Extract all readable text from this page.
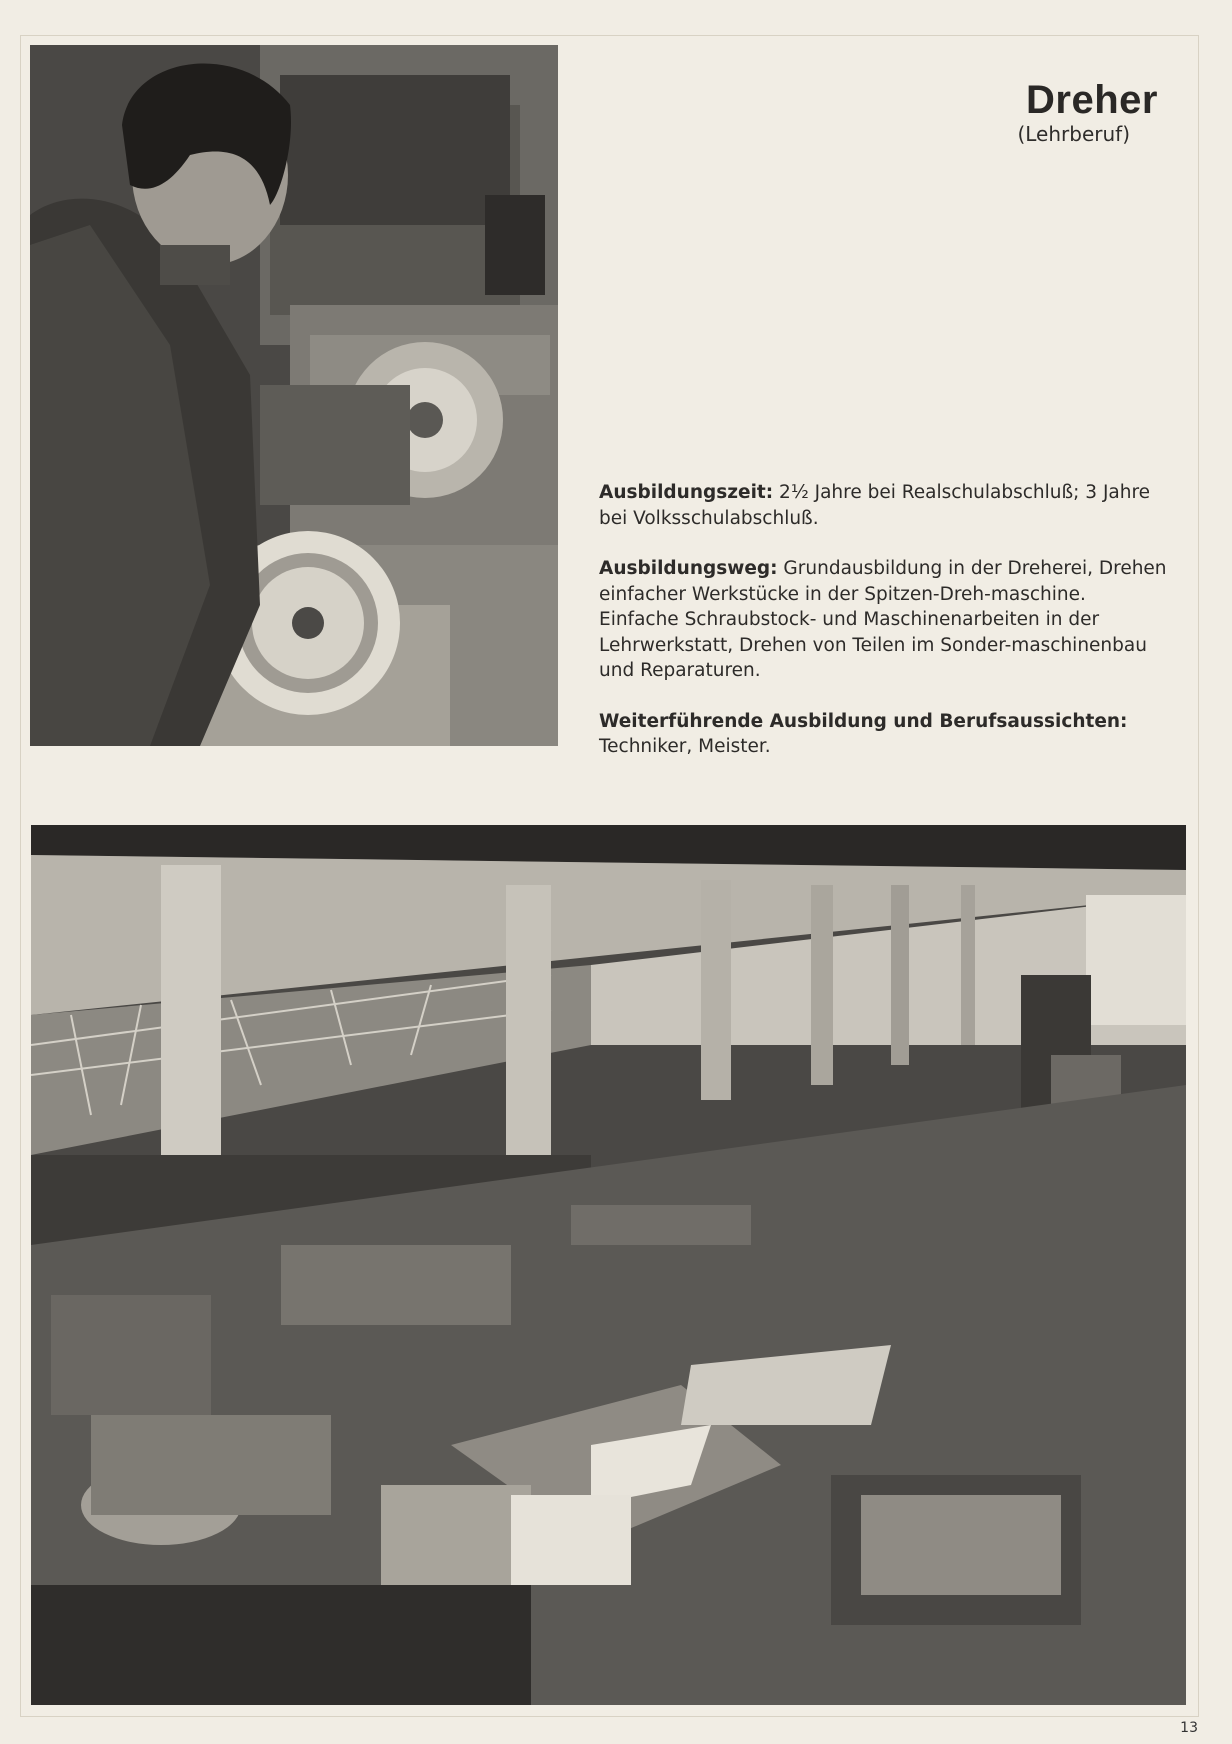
Dreher
(Lehrberuf)

Ausbildungszeit: 2½ Jahre bei Realschulabschluß; 3 Jahre bei Volksschulabschluß.

Ausbildungsweg: Grundausbildung in der Dreherei, Drehen einfacher Werkstücke in der Spitzen-Dreh-maschine. Einfache Schraubstock- und Maschinenarbeiten in der Lehrwerkstatt, Drehen von Teilen im Sonder-maschinenbau und Reparaturen.

Weiterführende Ausbildung und Berufsaussichten:
Techniker, Meister.

13
